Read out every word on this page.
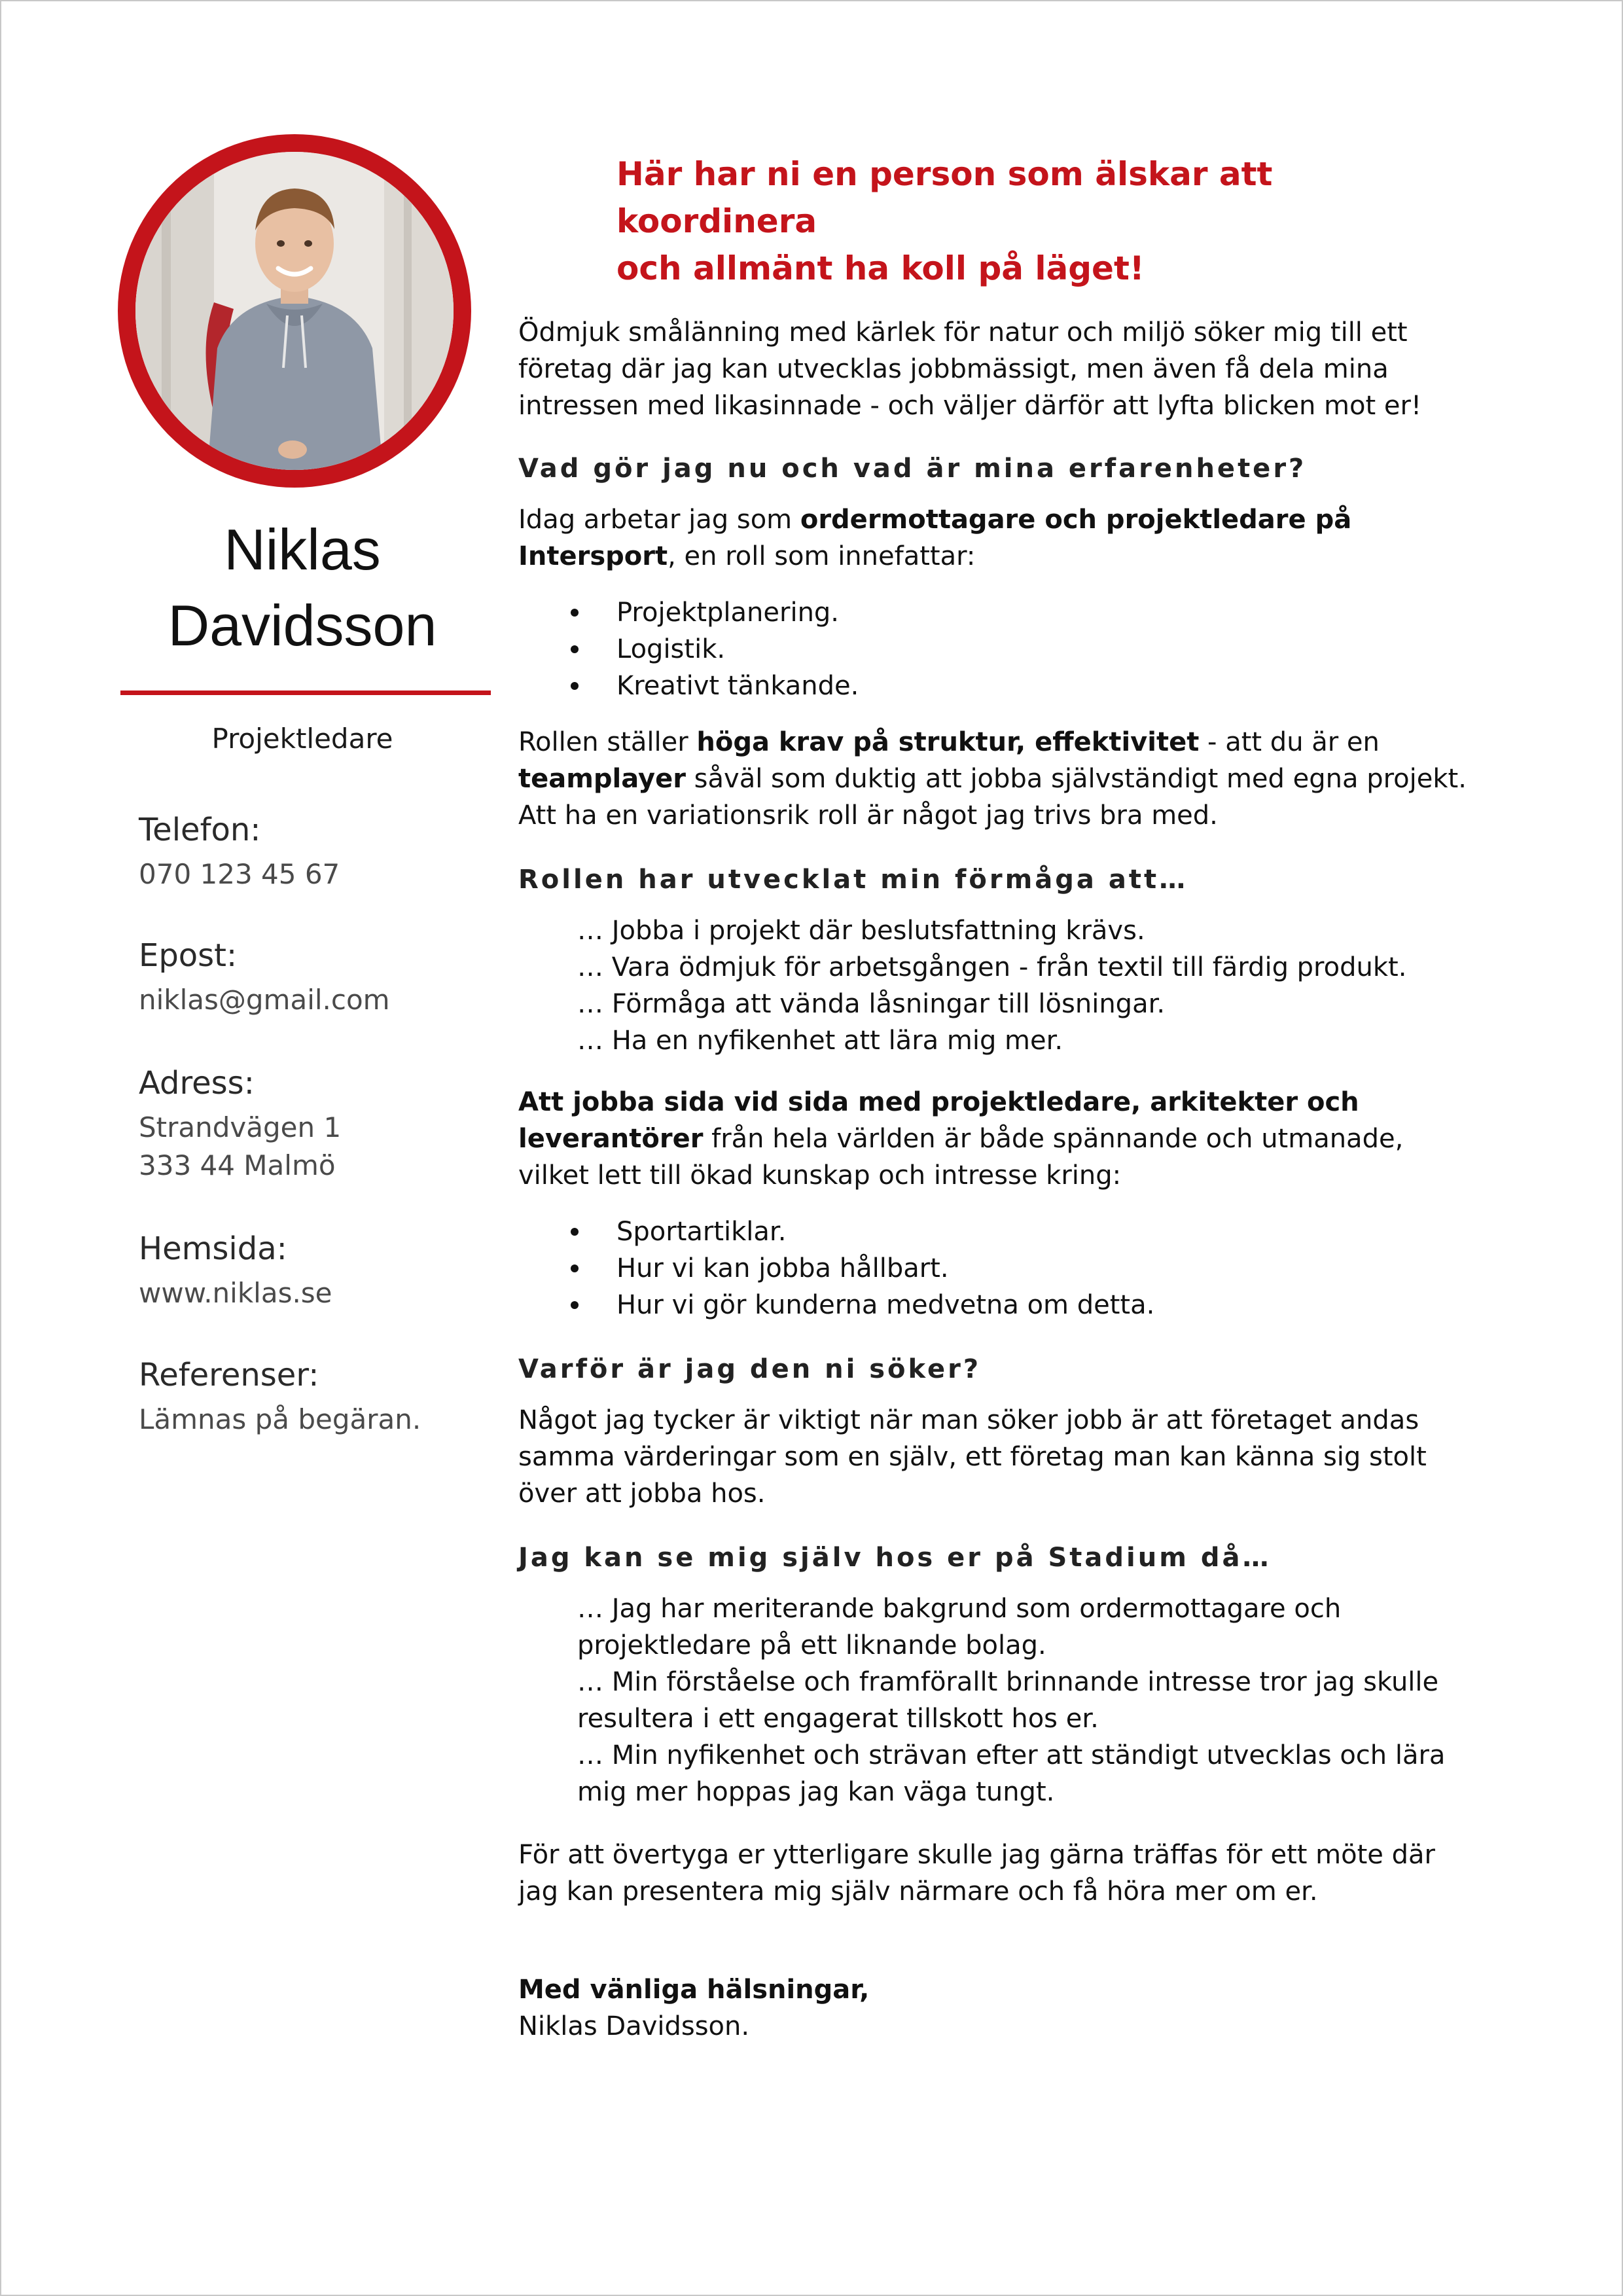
Niklas
Davidsson
Projektledare

Telefon:

070 123 45 67

Epost:

niklas@gmail.com

Adress:

Strandvägen 1

333 44 Malmö

Hemsida:

www.niklas.se

Referenser:

Lämnas på begäran.

Här har ni en person som älskar att koordinera
och allmänt ha koll på läget!

Ödmjuk smålänning med kärlek för natur och miljö söker mig till ett företag där jag kan utvecklas jobbmässigt, men även få dela mina intressen med likasinnade - och väljer därför att lyfta blicken mot er!

Vad gör jag nu och vad är mina erfarenheter?

Idag arbetar jag som ordermottagare och projektledare på Intersport, en roll som innefattar:

Projektplanering.
Logistik.
Kreativt tänkande.

Rollen ställer höga krav på struktur, effektivitet - att du är en teamplayer såväl som duktig att jobba självständigt med egna projekt. Att ha en variationsrik roll är något jag trivs bra med.

Rollen har utvecklat min förmåga att…

… Jobba i projekt där beslutsfattning krävs.
… Vara ödmjuk för arbetsgången - från textil till färdig produkt.
… Förmåga att vända låsningar till lösningar.
… Ha en nyfikenhet att lära mig mer.

Att jobba sida vid sida med projektledare, arkitekter och leverantörer från hela världen är både spännande och utmanade, vilket lett till ökad kunskap och intresse kring:

Sportartiklar.
Hur vi kan jobba hållbart.
Hur vi gör kunderna medvetna om detta.

Varför är jag den ni söker?

Något jag tycker är viktigt när man söker jobb är att företaget andas samma värderingar som en själv, ett företag man kan känna sig stolt över att jobba hos.

Jag kan se mig själv hos er på Stadium då…

… Jag har meriterande bakgrund som ordermottagare och projektledare på ett liknande bolag.
… Min förståelse och framförallt brinnande intresse tror jag skulle resultera i ett engagerat tillskott hos er.
… Min nyfikenhet och strävan efter att ständigt utvecklas och lära mig mer hoppas jag kan väga tungt.

För att övertyga er ytterligare skulle jag gärna träffas för ett möte där jag kan presentera mig själv närmare och få höra mer om er.

Med vänliga hälsningar,

Niklas Davidsson.
